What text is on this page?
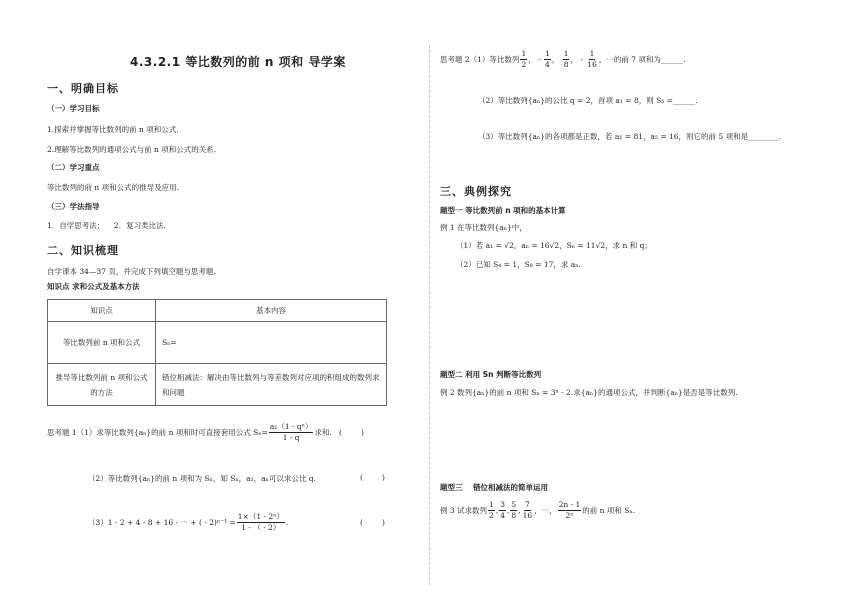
4.3.2.1 等比数列的前 n 项和 导学案
一、明确目标
（一）学习目标
1.探索并掌握等比数列的前 n 项和公式.
2.理解等比数列的通项公式与前 n 项和公式的关系.
（二）学习重点
等比数列的前 n 项和公式的推导及应用.
（三）学法指导
1．自学思考法；    2．复习类比法.
二、知识梳理
自学课本 34—37 页，并完成下列填空题与思考题.
知识点 求和公式及基本方法
知识点	基本内容
等比数列前 n 项和公式	Sₙ=
推导等比数列前 n 项和公式的方法	错位相减法：解决由等比数列与等差数列对应项的积组成的数列求和问题
思考题 1（1）求等比数列{aₙ}的前 n 项和时可直接套用公式 $S_n= \frac{\text{a₁（1 - qⁿ）}}{1 - q}$ 求和.   (        )
（2）等比数列{aₙ}的前 n 项和为 Sₙ，知 Sₙ，a₁，aₙ可以求公比 q.	(        )
（3）1 - 2 + 4 - 8 + 16 - ⋯ + ( - $2)^{n-1} = \frac{\text{1×（1 - 2ⁿ）}}{1 - ( - 2)}$ .	(        )
思考题 2（1）等比数列 $\frac{1}{2}$ ， - $\frac{1}{4}$ ， $\frac{1}{8}$ ， - $\frac{1}{16}$ ，⋯的前 7 项和为______.
（2）等比数列{aₙ}的公比 q = 2，首项 a₁ = 8，则 S₅ =______.
（3）等比数列{aₙ}的各项都是正数，若 a₁ = 81，a₅ = 16，则它的前 5 项和是________.
三、典例探究
题型一 等比数列前 n 项和的基本计算
例 1 在等比数列{aₙ}中，
（1）若 a₁ = √2，aₙ = 16√2，Sₙ = 11√2，求 n 和 q；
（2）已知 S₄ = 1，S₈ = 17，求 aₙ.
题型二 利用 Sn 判断等比数列
例 2 数列{aₙ}的前 n 项和 Sₙ = 3ⁿ - 2.求{aₙ}的通项公式，并判断{aₙ}是否是等比数列.
题型三    错位相减法的简单运用
例 3 试求数列 $\frac{1}{2}$ , $\frac{3}{4}$ , $\frac{5}{8}$ , $\frac{7}{16}$ ，⋯， $\frac{2n - 1}{\text{2ⁿ}}$ 的前 n 项和 Sₙ.
